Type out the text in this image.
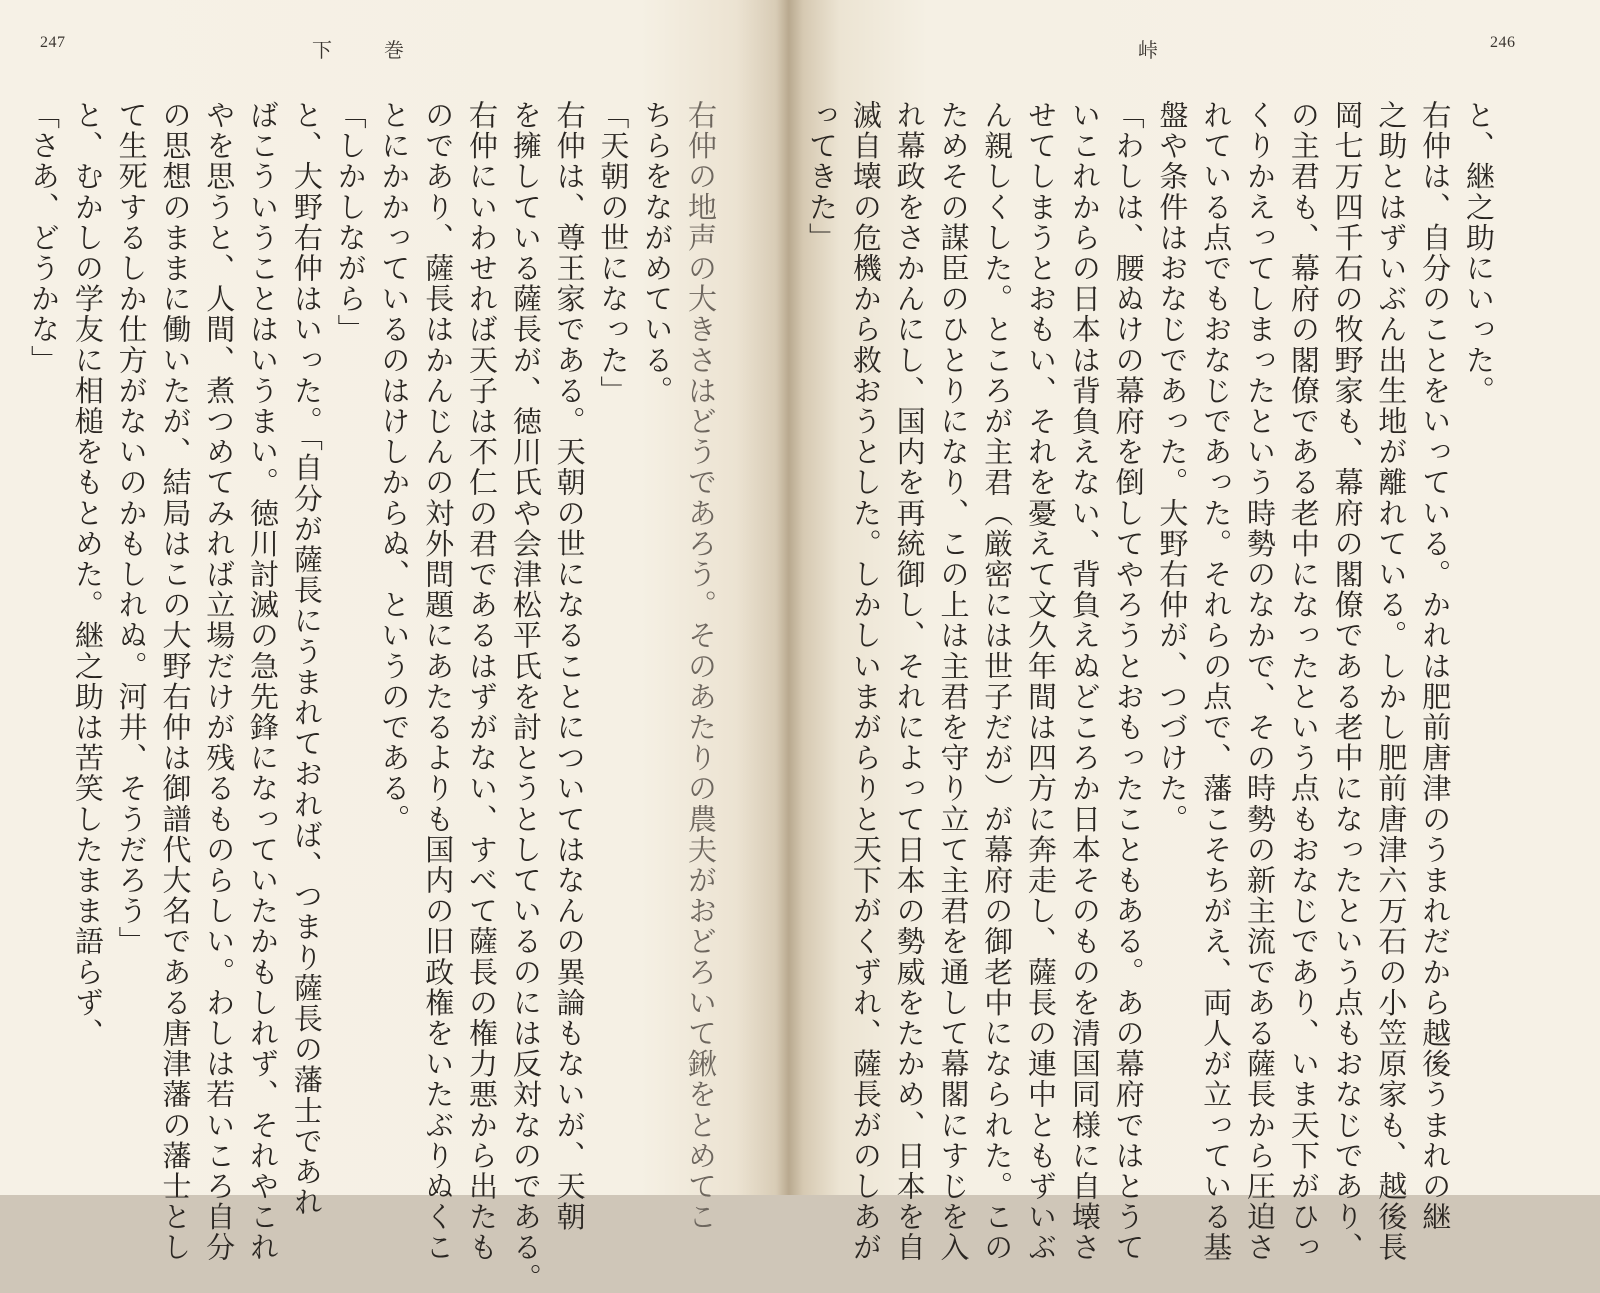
247	下巻
右仲の地声の大きさはどうであろう。そのあたりの農夫がおどろいて鍬をとめてこ
ちらをながめている。
「天朝の世になった」
右仲は、尊王家である。天朝の世になることについてはなんの異論もないが、天朝
を擁している薩長が、徳川氏や会津松平氏を討とうとしているのには反対なのである。
右仲にいわせれば天子は不仁の君であるはずがない、すべて薩長の権力悪から出たも
のであり、薩長はかんじんの対外問題にあたるよりも国内の旧政権をいたぶりぬくこ
とにかかっているのはけしからぬ、というのである。
「しかしながら」
と、大野右仲はいった。「自分が薩長にうまれておれば、つまり薩長の藩士であれ
ばこういうことはいうまい。徳川討滅の急先鋒になっていたかもしれず、それやこれ
やを思うと、人間、煮つめてみれば立場だけが残るものらしい。わしは若いころ自分
の思想のままに働いたが、結局はこの大野右仲は御譜代大名である唐津藩の藩士とし
て生死するしか仕方がないのかもしれぬ。河井、そうだろう」
と、むかしの学友に相槌をもとめた。継之助は苦笑したまま語らず、
「さあ、どうかな」
峠	246
と、継之助にいった。
右仲は、自分のことをいっている。かれは肥前唐津のうまれだから越後うまれの継
之助とはずいぶん出生地が離れている。しかし肥前唐津六万石の小笠原家も、越後長
岡七万四千石の牧野家も、幕府の閣僚である老中になったという点もおなじであり、
の主君も、幕府の閣僚である老中になったという点もおなじであり、いま天下がひっ
くりかえってしまったという時勢のなかで、その時勢の新主流である薩長から圧迫さ
れている点でもおなじであった。それらの点で、藩こそちがえ、両人が立っている基
盤や条件はおなじであった。大野右仲が、つづけた。
「わしは、腰ぬけの幕府を倒してやろうとおもったこともある。あの幕府ではとうて
いこれからの日本は背負えない、背負えぬどころか日本そのものを清国同様に自壊さ
せてしまうとおもい、それを憂えて文久年間は四方に奔走し、薩長の連中ともずいぶ
ん親しくした。ところが主君（厳密には世子だが）が幕府の御老中になられた。この
ためその謀臣のひとりになり、この上は主君を守り立て主君を通して幕閣にすじを入
れ幕政をさかんにし、国内を再統御し、それによって日本の勢威をたかめ、日本を自
滅自壊の危機から救おうとした。しかしいまがらりと天下がくずれ、薩長がのしあが
ってきた」
